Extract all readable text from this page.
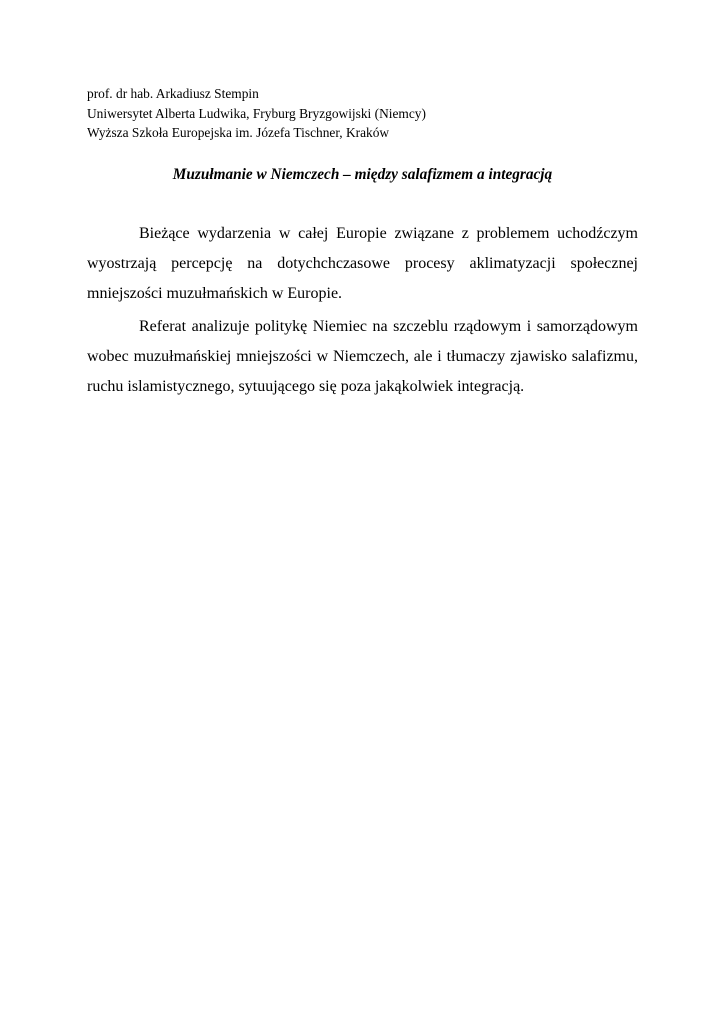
prof. dr hab. Arkadiusz Stempin
Uniwersytet Alberta Ludwika, Fryburg Bryzgowijski (Niemcy)
Wyższa Szkoła Europejska im. Józefa Tischner, Kraków
Muzułmanie w Niemczech – między salafizmem a integracją

Bieżące wydarzenia w całej Europie związane z problemem uchodźczym wyostrzają percepcję na dotychchczasowe procesy aklimatyzacji społecznej mniejszości muzułmańskich w Europie.

Referat analizuje politykę Niemiec na szczeblu rządowym i samorządowym wobec muzułmańskiej mniejszości w Niemczech, ale i tłumaczy zjawisko salafizmu, ruchu islamistycznego, sytuującego się poza jakąkolwiek integracją.
